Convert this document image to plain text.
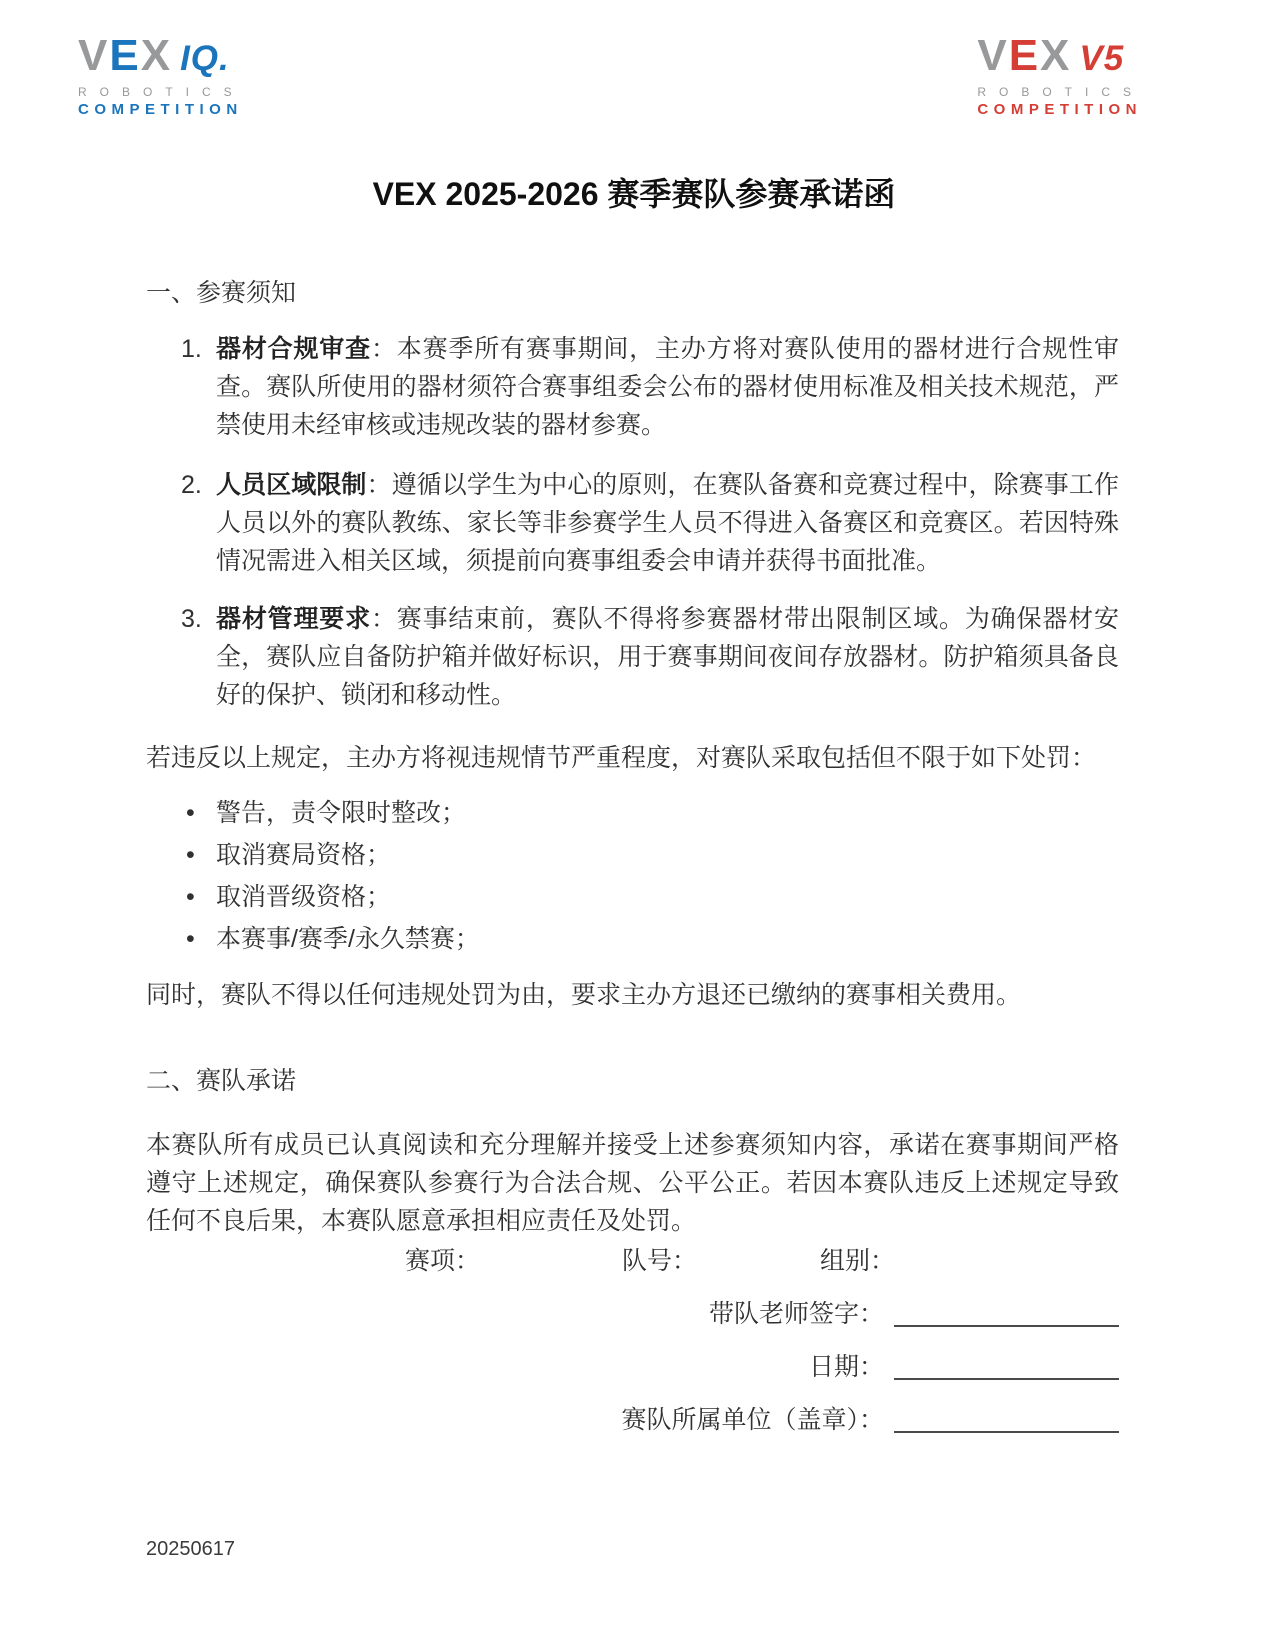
VEX IQ.
ROBOTICS
COMPETITION
VEX V5
ROBOTICS
COMPETITION
VEX 2025-2026 赛季赛队参赛承诺函
一、参赛须知
1. 器材合规审查：本赛季所有赛事期间，主办方将对赛队使用的器材进行合规性审查。赛队所使用的器材须符合赛事组委会公布的器材使用标准及相关技术规范，严禁使用未经审核或违规改装的器材参赛。
2. 人员区域限制：遵循以学生为中心的原则，在赛队备赛和竞赛过程中，除赛事工作人员以外的赛队教练、家长等非参赛学生人员不得进入备赛区和竞赛区。若因特殊情况需进入相关区域，须提前向赛事组委会申请并获得书面批准。
3. 器材管理要求：赛事结束前，赛队不得将参赛器材带出限制区域。为确保器材安全，赛队应自备防护箱并做好标识，用于赛事期间夜间存放器材。防护箱须具备良好的保护、锁闭和移动性。
若违反以上规定，主办方将视违规情节严重程度，对赛队采取包括但不限于如下处罚：
• 警告，责令限时整改；
• 取消赛局资格；
• 取消晋级资格；
• 本赛事/赛季/永久禁赛；
同时，赛队不得以任何违规处罚为由，要求主办方退还已缴纳的赛事相关费用。
二、赛队承诺
本赛队所有成员已认真阅读和充分理解并接受上述参赛须知内容，承诺在赛事期间严格遵守上述规定，确保赛队参赛行为合法合规、公平公正。若因本赛队违反上述规定导致任何不良后果，本赛队愿意承担相应责任及处罚。
赛项：	队号：	组别：
带队老师签字：
日期：
赛队所属单位（盖章）：
20250617
